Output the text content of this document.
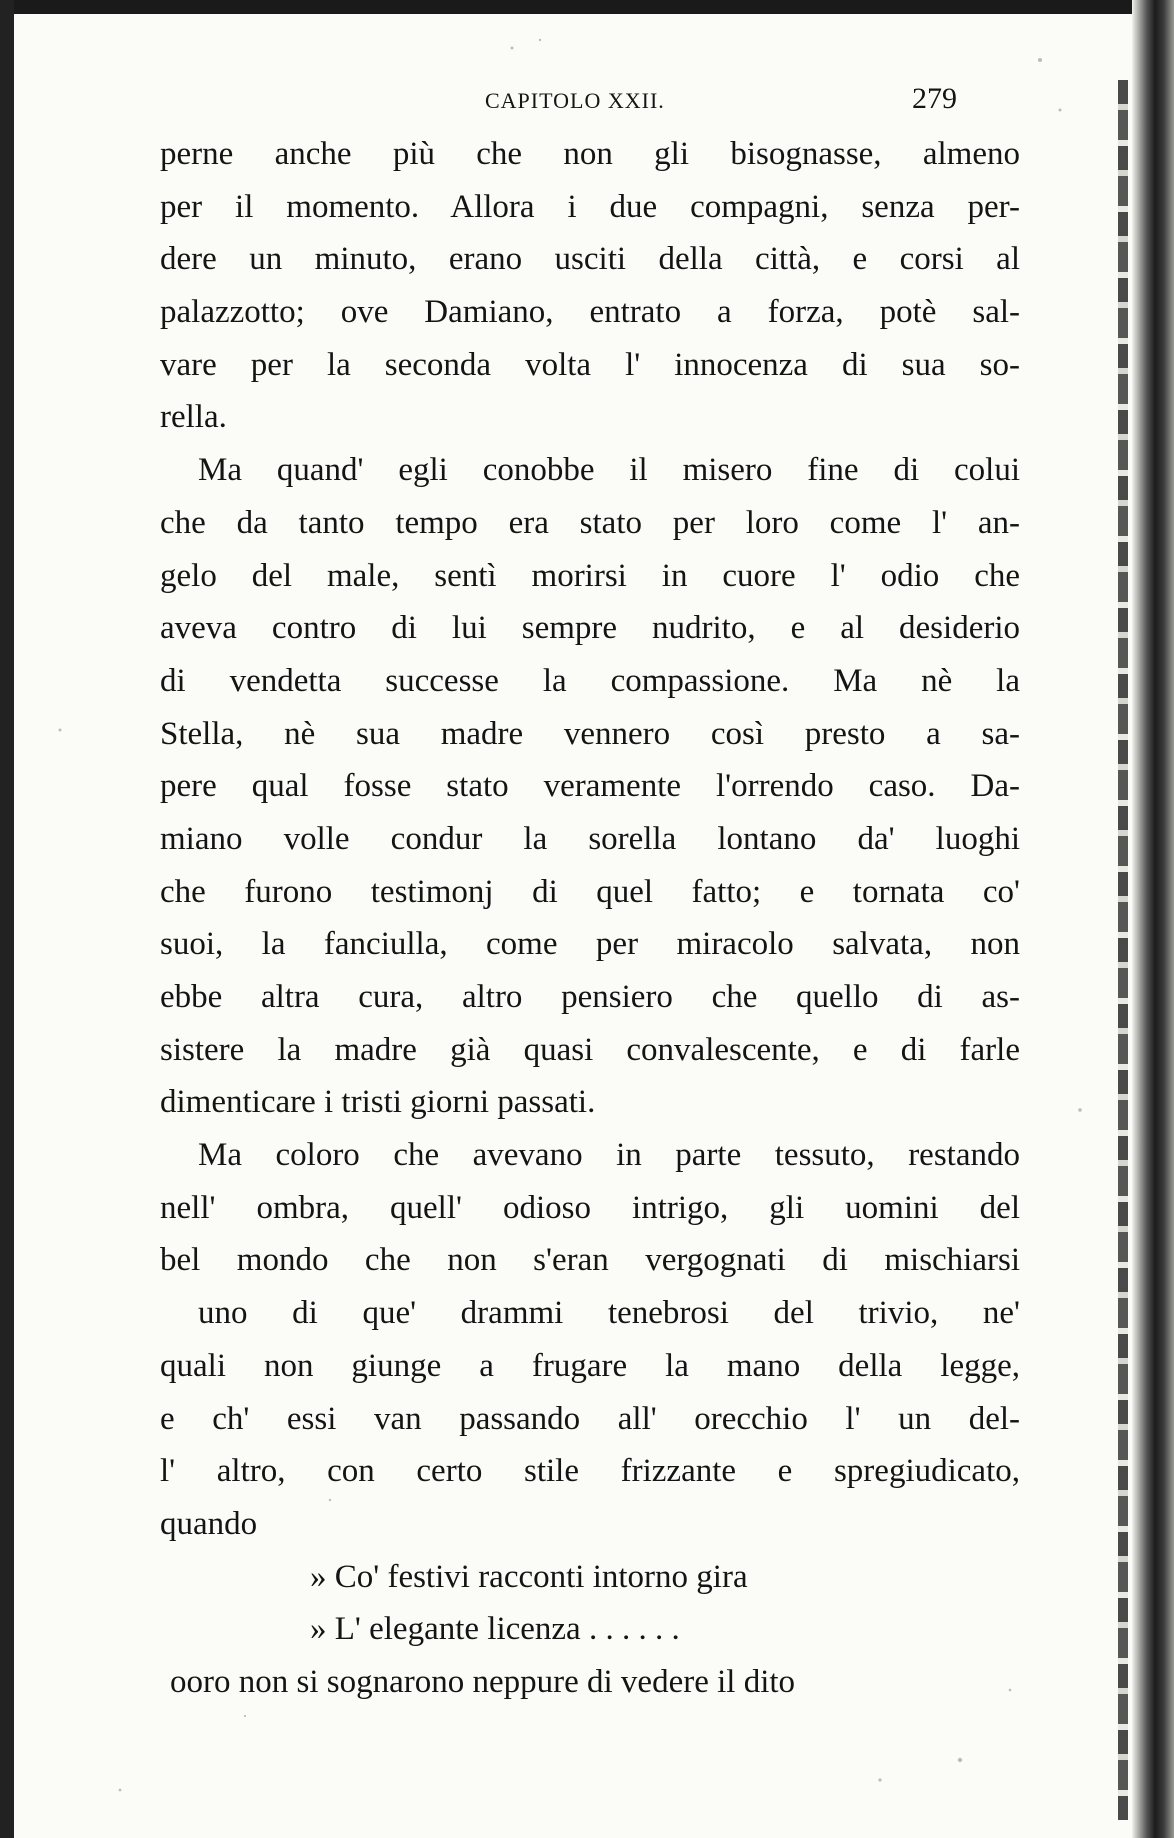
CAPITOLO XXII.	279
perne anche più che non gli bisognasse, almeno
per il momento. Allora i due compagni, senza per-
dere un minuto, erano usciti della città, e corsi al
palazzotto; ove Damiano, entrato a forza, potè sal-
vare per la seconda volta l' innocenza di sua so-
rella.
Ma quand' egli conobbe il misero fine di colui
che da tanto tempo era stato per loro come l' an-
gelo del male, sentì morirsi in cuore l' odio che
aveva contro di lui sempre nudrito, e al desiderio
di vendetta successe la compassione. Ma nè la
Stella, nè sua madre vennero così presto a sa-
pere qual fosse stato veramente l'orrendo caso. Da-
miano volle condur la sorella lontano da' luoghi
che furono testimonj di quel fatto; e tornata co'
suoi, la fanciulla, come per miracolo salvata, non
ebbe altra cura, altro pensiero che quello di as-
sistere la madre già quasi convalescente, e di farle
dimenticare i tristi giorni passati.
Ma coloro che avevano in parte tessuto, restando
nell' ombra, quell' odioso intrigo, gli uomini del
bel mondo che non s'eran vergognati di mischiarsi
uno di que' drammi tenebrosi del trivio, ne'
quali non giunge a frugare la mano della legge,
e ch' essi van passando all' orecchio l' un del-
l' altro, con certo stile frizzante e spregiudicato,
quando
» Co' festivi racconti intorno gira
» L' elegante licenza . . . . . .
ooro non si sognarono neppure di vedere il dito
